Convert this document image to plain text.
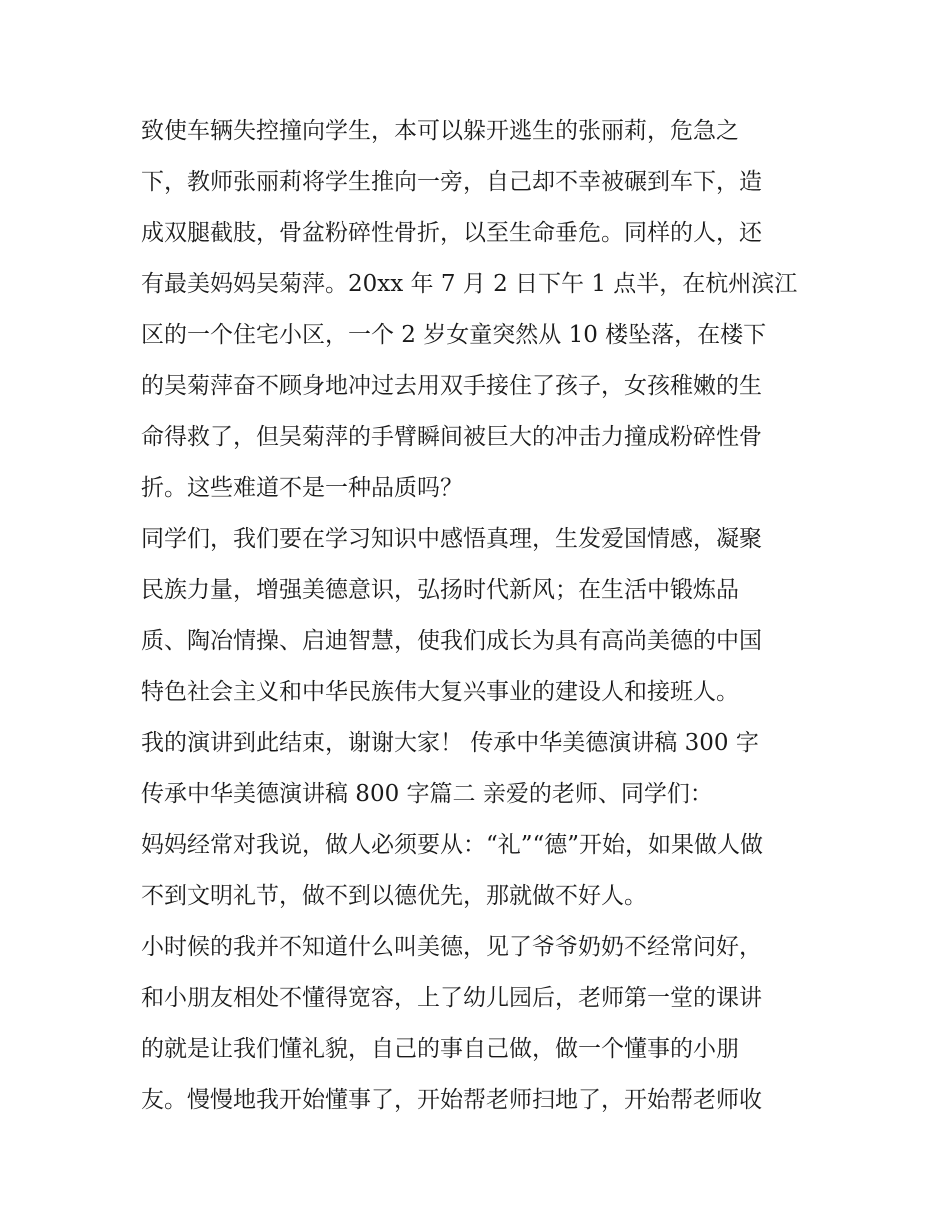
致使车辆失控撞向学生，本可以躲开逃生的张丽莉，危急之
下，教师张丽莉将学生推向一旁，自己却不幸被碾到车下，造
成双腿截肢，骨盆粉碎性骨折，以至生命垂危。同样的人，还
有最美妈妈吴菊萍。20xx 年 7 月 2 日下午 1 点半，在杭州滨江
区的一个住宅小区，一个 2 岁女童突然从 10 楼坠落，在楼下
的吴菊萍奋不顾身地冲过去用双手接住了孩子，女孩稚嫩的生
命得救了，但吴菊萍的手臂瞬间被巨大的冲击力撞成粉碎性骨
折。这些难道不是一种品质吗？
同学们，我们要在学习知识中感悟真理，生发爱国情感，凝聚
民族力量，增强美德意识，弘扬时代新风；在生活中锻炼品
质、陶冶情操、启迪智慧，使我们成长为具有高尚美德的中国
特色社会主义和中华民族伟大复兴事业的建设人和接班人。
我的演讲到此结束，谢谢大家！ 传承中华美德演讲稿 300 字
传承中华美德演讲稿 800 字篇二 亲爱的老师、同学们：
妈妈经常对我说，做人必须要从：“礼”“德”开始，如果做人做
不到文明礼节，做不到以德优先，那就做不好人。
小时候的我并不知道什么叫美德，见了爷爷奶奶不经常问好，
和小朋友相处不懂得宽容，上了幼儿园后，老师第一堂的课讲
的就是让我们懂礼貌，自己的事自己做，做一个懂事的小朋
友。慢慢地我开始懂事了，开始帮老师扫地了，开始帮老师收
